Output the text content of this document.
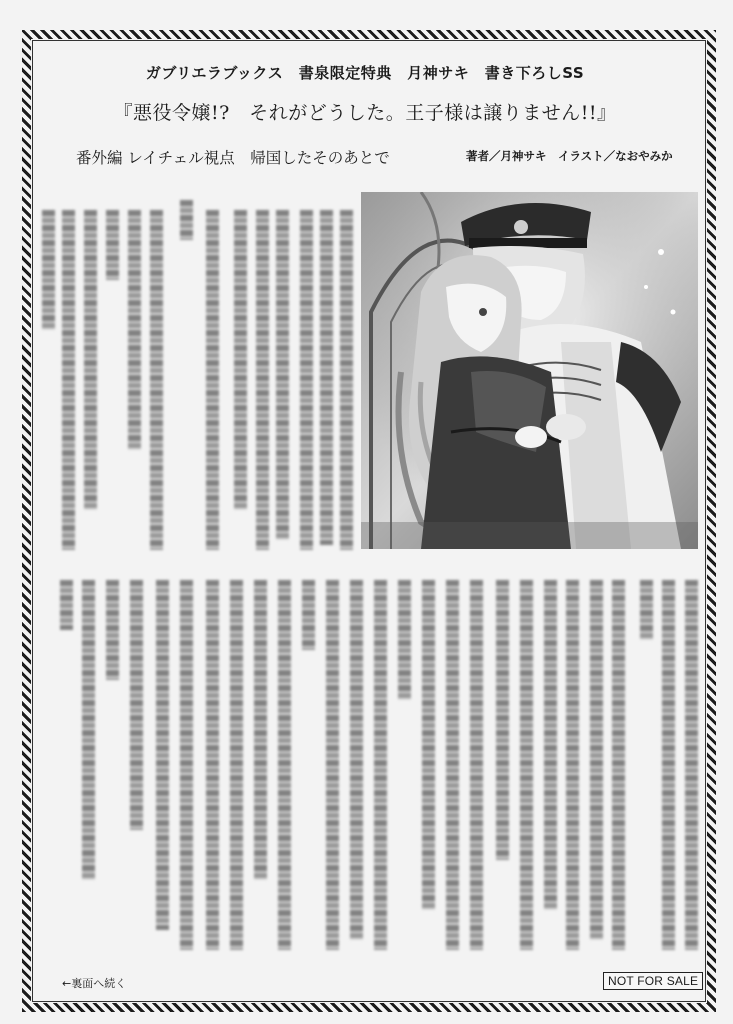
ガブリエラブックス　書泉限定特典　月神サキ　書き下ろしSS
『悪役令嬢!?　それがどうした。王子様は譲りません!!』
番外編 レイチェル視点　帰国したそのあとで	著者／月神サキ　イラスト／なおやみか
←裏面へ続く	NOT FOR SALE
